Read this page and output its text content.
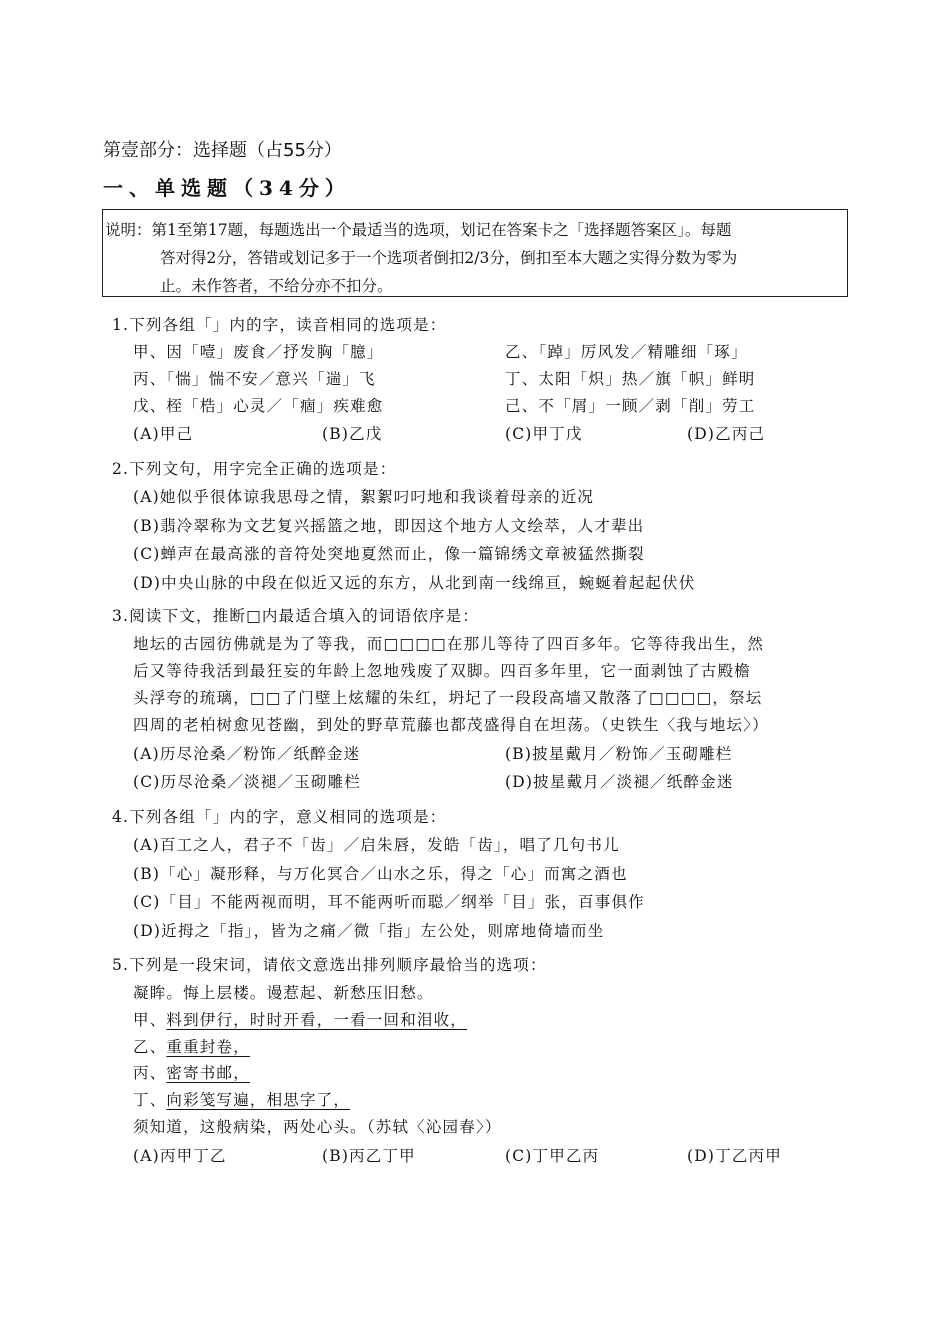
第壹部分：选择题（占55分）
一、单选题（34分）
说明：第1至第17题，每题选出一个最适当的选项，划记在答案卡之「选择题答案区」。每题
答对得2分，答错或划记多于一个选项者倒扣2/3分，倒扣至本大题之实得分数为零为
止。未作答者，不给分亦不扣分。
1.下列各组「」内的字，读音相同的选项是：
甲、因「噎」废食／抒发胸「臆」	乙、「踔」厉风发／精雕细「琢」
丙、「惴」惴不安／意兴「遄」飞	丁、太阳「炽」热／旗「帜」鲜明
戊、桎「梏」心灵／「痼」疾难愈	己、不「屑」一顾／剥「削」劳工
(A)甲己	(B)乙戊	(C)甲丁戊	(D)乙丙己
2.下列文句，用字完全正确的选项是：
(A)她似乎很体谅我思母之情，絮絮叼叼地和我谈着母亲的近况
(B)翡冷翠称为文艺复兴摇篮之地，即因这个地方人文绘萃，人才辈出
(C)蝉声在最高涨的音符处突地夏然而止，像一篇锦绣文章被猛然撕裂
(D)中央山脉的中段在似近又远的东方，从北到南一线绵亘，蜿蜒着起起伏伏
3.阅读下文，推断□内最适合填入的词语依序是：
地坛的古园彷佛就是为了等我，而□□□□在那儿等待了四百多年。它等待我出生，然
后又等待我活到最狂妄的年龄上忽地残废了双脚。四百多年里，它一面剥蚀了古殿檐
头浮夸的琉璃，□□了门壁上炫耀的朱红，坍圮了一段段高墙又散落了□□□□，祭坛
四周的老柏树愈见苍幽，到处的野草荒藤也都茂盛得自在坦荡。（史铁生〈我与地坛〉）
(A)历尽沧桑／粉饰／纸醉金迷	(B)披星戴月／粉饰／玉砌雕栏
(C)历尽沧桑／淡褪／玉砌雕栏	(D)披星戴月／淡褪／纸醉金迷
4.下列各组「」内的字，意义相同的选项是：
(A)百工之人，君子不「齿」／启朱唇，发皓「齿」，唱了几句书儿
(B)「心」凝形释，与万化冥合／山水之乐，得之「心」而寓之酒也
(C)「目」不能两视而明，耳不能两听而聪／纲举「目」张，百事俱作
(D)近拇之「指」，皆为之痛／微「指」左公处，则席地倚墙而坐
5.下列是一段宋词，请依文意选出排列顺序最恰当的选项：
凝眸。悔上层楼。谩惹起、新愁压旧愁。
甲、料到伊行，时时开看，一看一回和泪收，
乙、重重封卷，
丙、密寄书邮，
丁、向彩笺写遍，相思字了，
须知道，这般病染，两处心头。（苏轼〈沁园春〉）
(A)丙甲丁乙	(B)丙乙丁甲	(C)丁甲乙丙	(D)丁乙丙甲
